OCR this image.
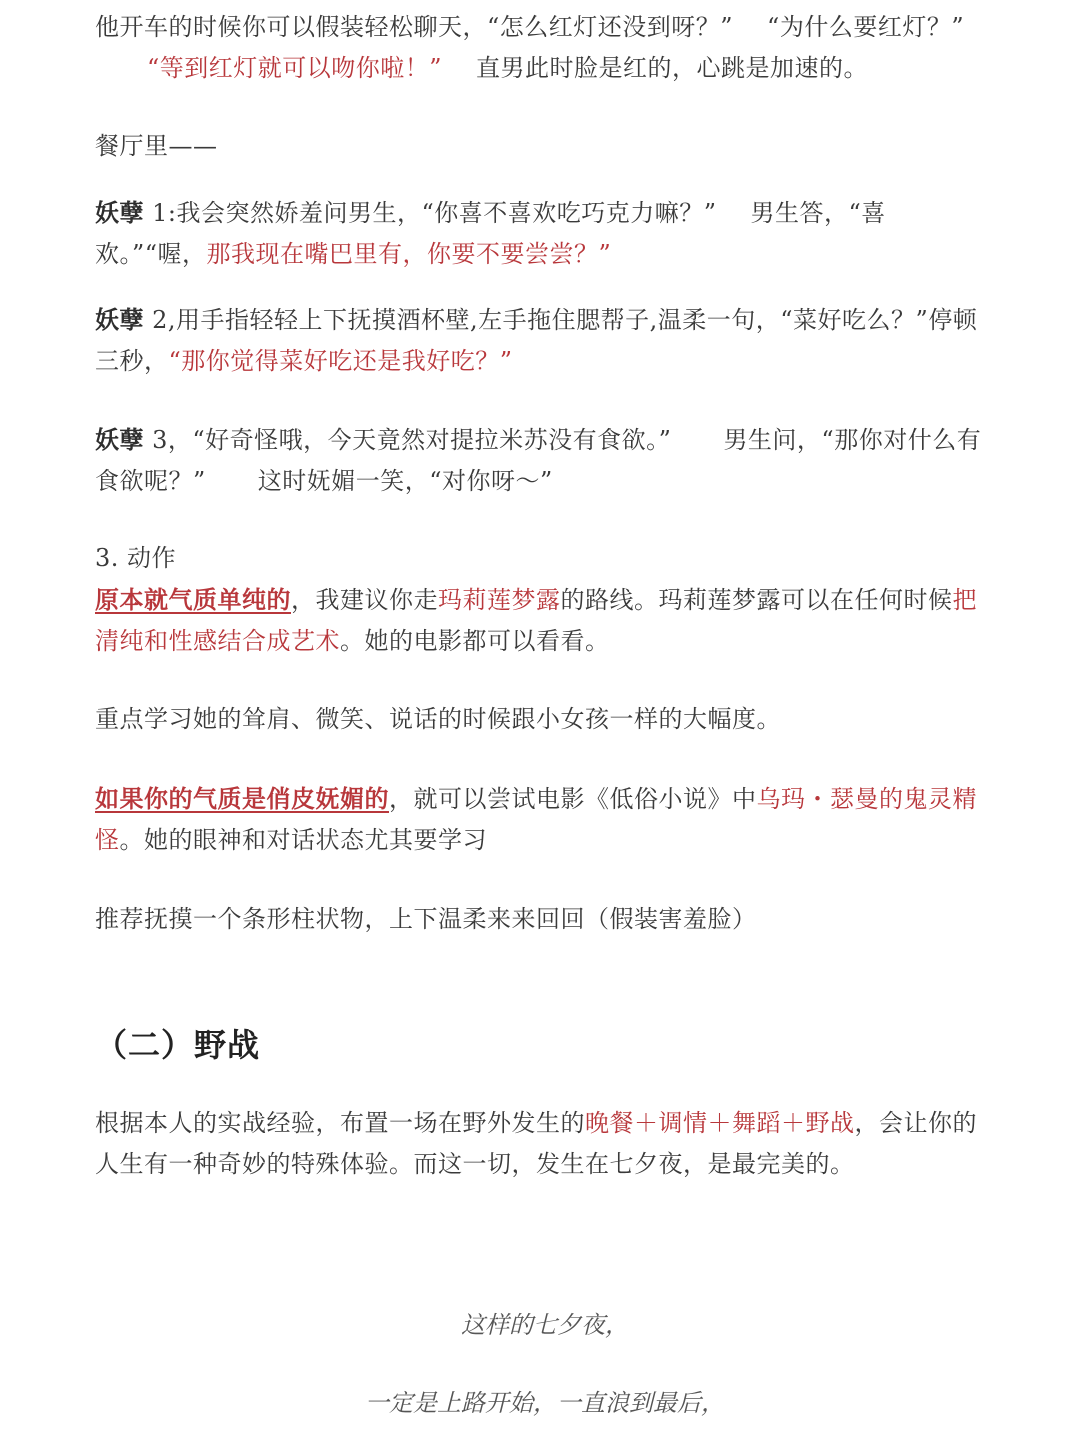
他开车的时候你可以假装轻松聊天，“怎么红灯还没到呀？” “为什么要红灯？”“等到红灯就可以吻你啦！” 直男此时脸是红的，心跳是加速的。

餐厅里——

妖孽 1:我会突然娇羞问男生，“你喜不喜欢吃巧克力嘛？” 男生答，“喜欢。”“喔，那我现在嘴巴里有，你要不要尝尝？”

妖孽 2,用手指轻轻上下抚摸酒杯壁,左手拖住腮帮子,温柔一句，“菜好吃么？”停顿三秒，“那你觉得菜好吃还是我好吃？”

妖孽 3，“好奇怪哦，今天竟然对提拉米苏没有食欲。” 男生问，“那你对什么有食欲呢？” 这时妩媚一笑，“对你呀～”

3. 动作

原本就气质单纯的，我建议你走玛莉莲梦露的路线。玛莉莲梦露可以在任何时候把清纯和性感结合成艺术。她的电影都可以看看。

重点学习她的耸肩、微笑、说话的时候跟小女孩一样的大幅度。

如果你的气质是俏皮妩媚的，就可以尝试电影《低俗小说》中乌玛・瑟曼的鬼灵精怪。她的眼神和对话状态尤其要学习

推荐抚摸一个条形柱状物，上下温柔来来回回（假装害羞脸）

（二）野战

根据本人的实战经验，布置一场在野外发生的晚餐＋调情＋舞蹈＋野战，会让你的人生有一种奇妙的特殊体验。而这一切，发生在七夕夜，是最完美的。

这样的七夕夜，

一定是上路开始，一直浪到最后，
